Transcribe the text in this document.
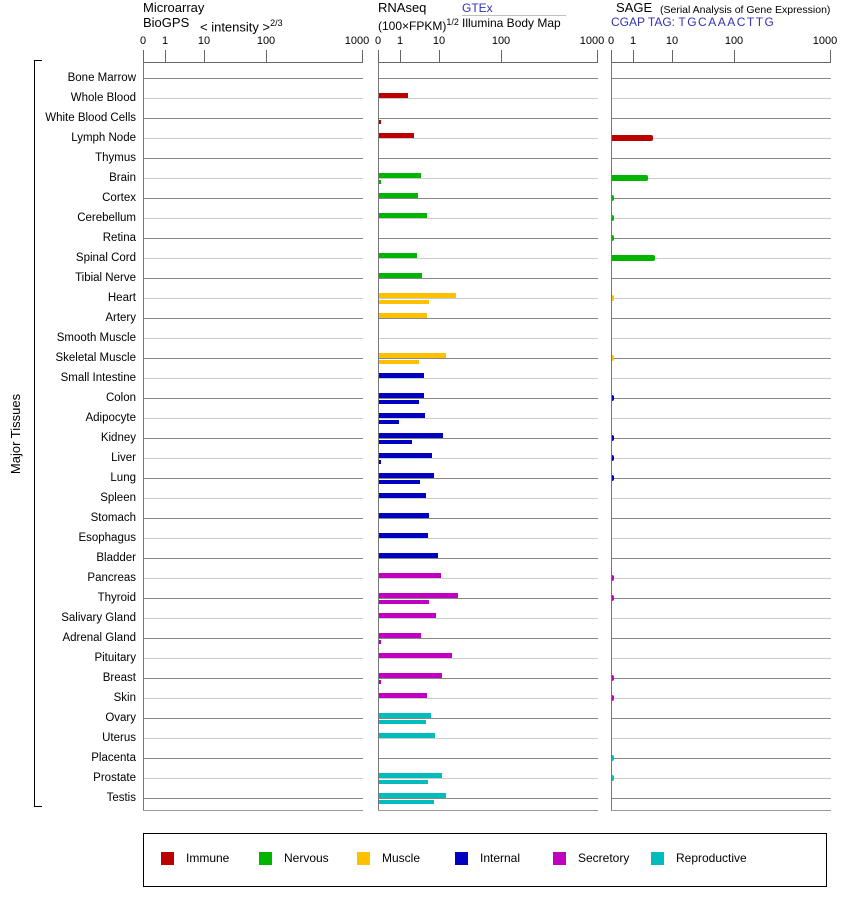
Microarray
BioGPS < intensity >$^{2/3}$
RNAseq
(100×FPKM)$^{1/2}$
GTEx
Illumina Body Map
SAGE (Serial Analysis of Gene Expression)
CGAP TAG: TGCAAACTTG
Major Tissues
Immune	Nervous	Muscle	Internal	Secretory	Reproductive
0 1	10	100	1000 0 1	10	100	1000 0 1	10	100	1000
Bone Marrow
Whole Blood
White Blood Cells
Lymph Node
Thymus
Brain
Cortex
Cerebellum
Retina
Spinal Cord
Tibial Nerve
Heart
Artery
Smooth Muscle
Skeletal Muscle
Small Intestine
Colon
Adipocyte
Kidney
Liver
Lung
Spleen
Stomach
Esophagus
Bladder
Pancreas
Thyroid
Salivary Gland
Adrenal Gland
Pituitary
Breast
Skin
Ovary
Uterus
Placenta
Prostate
Testis
